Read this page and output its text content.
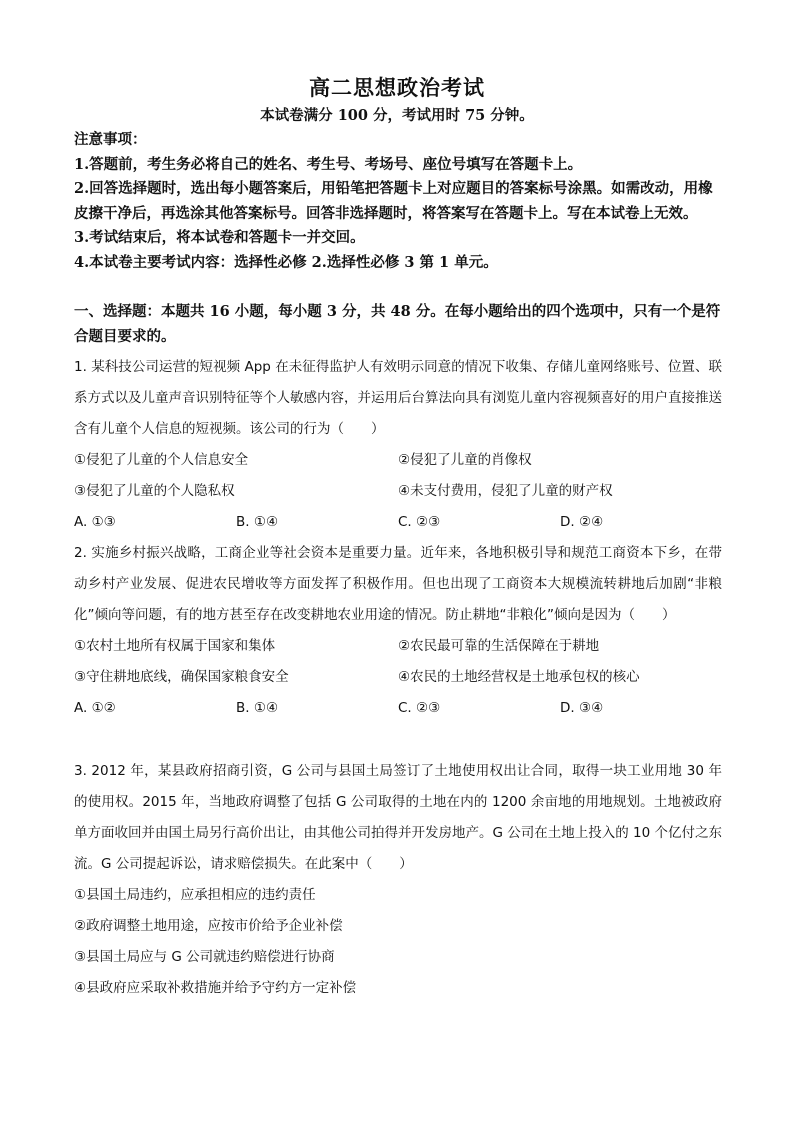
高二思想政治考试
本试卷满分 100 分，考试用时 75 分钟。

注意事项：

1.答题前，考生务必将自己的姓名、考生号、考场号、座位号填写在答题卡上。

2.回答选择题时，选出每小题答案后，用铅笔把答题卡上对应题目的答案标号涂黑。如需改动，用橡皮擦干净后，再选涂其他答案标号。回答非选择题时，将答案写在答题卡上。写在本试卷上无效。

3.考试结束后，将本试卷和答题卡一并交回。

4.本试卷主要考试内容：选择性必修 2.选择性必修 3 第 1 单元。

一、选择题：本题共 16 小题，每小题 3 分，共 48 分。在每小题给出的四个选项中，只有一个是符合题目要求的。

1. 某科技公司运营的短视频 App 在未征得监护人有效明示同意的情况下收集、存储儿童网络账号、位置、联系方式以及儿童声音识别特征等个人敏感内容，并运用后台算法向具有浏览儿童内容视频喜好的用户直接推送含有儿童个人信息的短视频。该公司的行为（　　）

①侵犯了儿童的个人信息安全	②侵犯了儿童的肖像权
③侵犯了儿童的个人隐私权	④未支付费用，侵犯了儿童的财产权
A. ①③	B. ①④	C. ②③	D. ②④

2. 实施乡村振兴战略，工商企业等社会资本是重要力量。近年来，各地积极引导和规范工商资本下乡，在带动乡村产业发展、促进农民增收等方面发挥了积极作用。但也出现了工商资本大规模流转耕地后加剧“非粮化”倾向等问题，有的地方甚至存在改变耕地农业用途的情况。防止耕地“非粮化”倾向是因为（　　）

①农村土地所有权属于国家和集体	②农民最可靠的生活保障在于耕地
③守住耕地底线，确保国家粮食安全	④农民的土地经营权是土地承包权的核心
A. ①②	B. ①④	C. ②③	D. ③④

3. 2012 年，某县政府招商引资，G 公司与县国土局签订了土地使用权出让合同，取得一块工业用地 30 年的使用权。2015 年，当地政府调整了包括 G 公司取得的土地在内的 1200 余亩地的用地规划。土地被政府单方面收回并由国土局另行高价出让，由其他公司拍得并开发房地产。G 公司在土地上投入的 10 个亿付之东流。G 公司提起诉讼，请求赔偿损失。在此案中（　　）

①县国土局违约，应承担相应的违约责任

②政府调整土地用途，应按市价给予企业补偿

③县国土局应与 G 公司就违约赔偿进行协商

④县政府应采取补救措施并给予守约方一定补偿
